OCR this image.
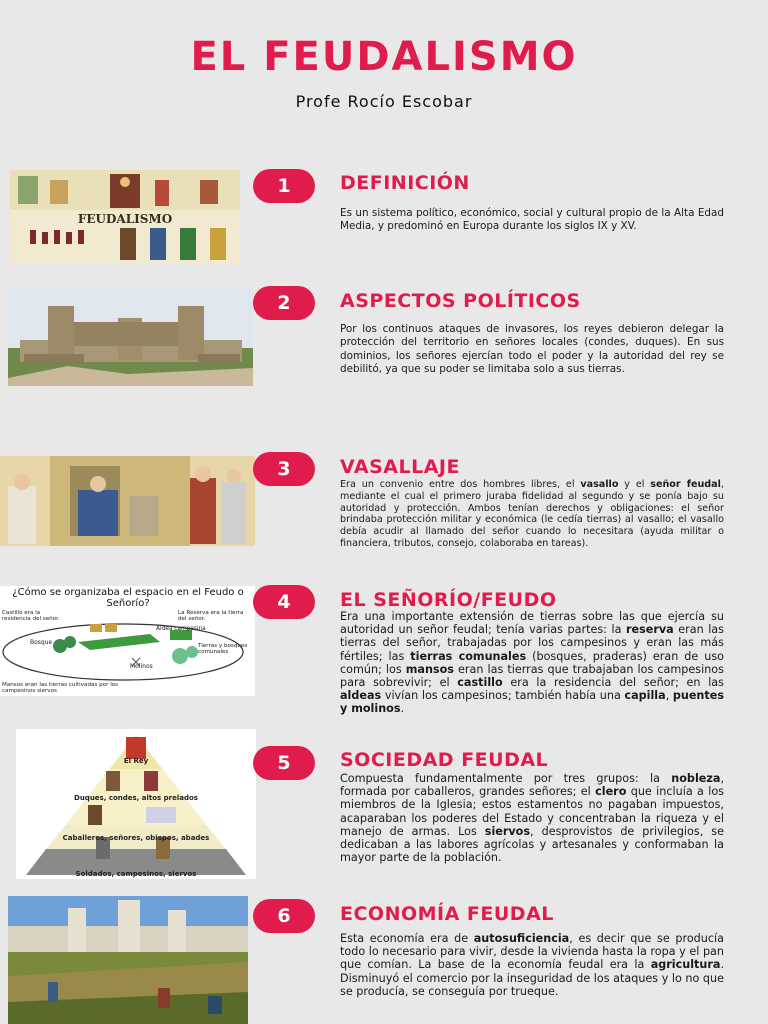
EL FEUDALISMO
Profe Rocío Escobar
FEUDALISMO
1	DEFINICIÓN
Es un sistema político, económico, social y cultural propio de la Alta Edad Media, y predominó en Europa durante los siglos IX y XV.
2	ASPECTOS POLÍTICOS
Por los continuos ataques de invasores, los reyes debieron delegar la protección del territorio en señores locales (condes, duques). En sus dominios, los señores ejercían todo el poder y la autoridad del rey se debilitó, ya que su poder se limitaba solo a sus tierras.
3	VASALLAJE
Era un convenio entre dos hombres libres, el vasallo y el señor feudal, mediante el cual el primero juraba fidelidad al segundo y se ponía bajo su autoridad y protección. Ambos tenían derechos y obligaciones: el señor brindaba protección militar y económica (le cedía tierras) al vasallo; el vasallo debía acudir al llamado del señor cuando lo necesitara (ayuda militar o financiera, tributos, consejo, colaboraba en tareas).
¿Cómo se organizaba el espacio en el Feudo o Señorío?
Castillo era la residencia del señor.
La Reserva era la tierra del señor.
Bosque
Aldea campesina
Tierras y bosques comunales
Molinos
Mansos eran las tierras cultivadas por los campesinos siervos
4	EL SEÑORÍO/FEUDO
Era una importante extensión de tierras sobre las que ejercía su autoridad un señor feudal; tenía varias partes: la reserva eran las tierras del señor, trabajadas por los campesinos y eran las más fértiles; las tierras comunales (bosques, praderas) eran de uso común; los mansos eran las tierras que trabajaban los campesinos para sobrevivir; el castillo era la residencia del señor; en las aldeas vivían los campesinos; también había una capilla, puentes y molinos.
El Rey
Duques, condes, altos prelados
Caballeros, señores, obispos, abades
Soldados, campesinos, siervos
5	SOCIEDAD FEUDAL
Compuesta fundamentalmente por tres grupos: la nobleza, formada por caballeros, grandes señores; el clero que incluía a los miembros de la Iglesia; estos estamentos no pagaban impuestos, acaparaban los poderes del Estado y concentraban la riqueza y el manejo de armas. Los siervos, desprovistos de privilegios, se dedicaban a las labores agrícolas y artesanales y conformaban la mayor parte de la población.
6	ECONOMÍA FEUDAL
Esta economía era de autosuficiencia, es decir que se producía todo lo necesario para vivir, desde la vivienda hasta la ropa y el pan que comían. La base de la economía feudal era la agricultura. Disminuyó el comercio por la inseguridad de los ataques y lo no que se producía, se conseguía por trueque.
